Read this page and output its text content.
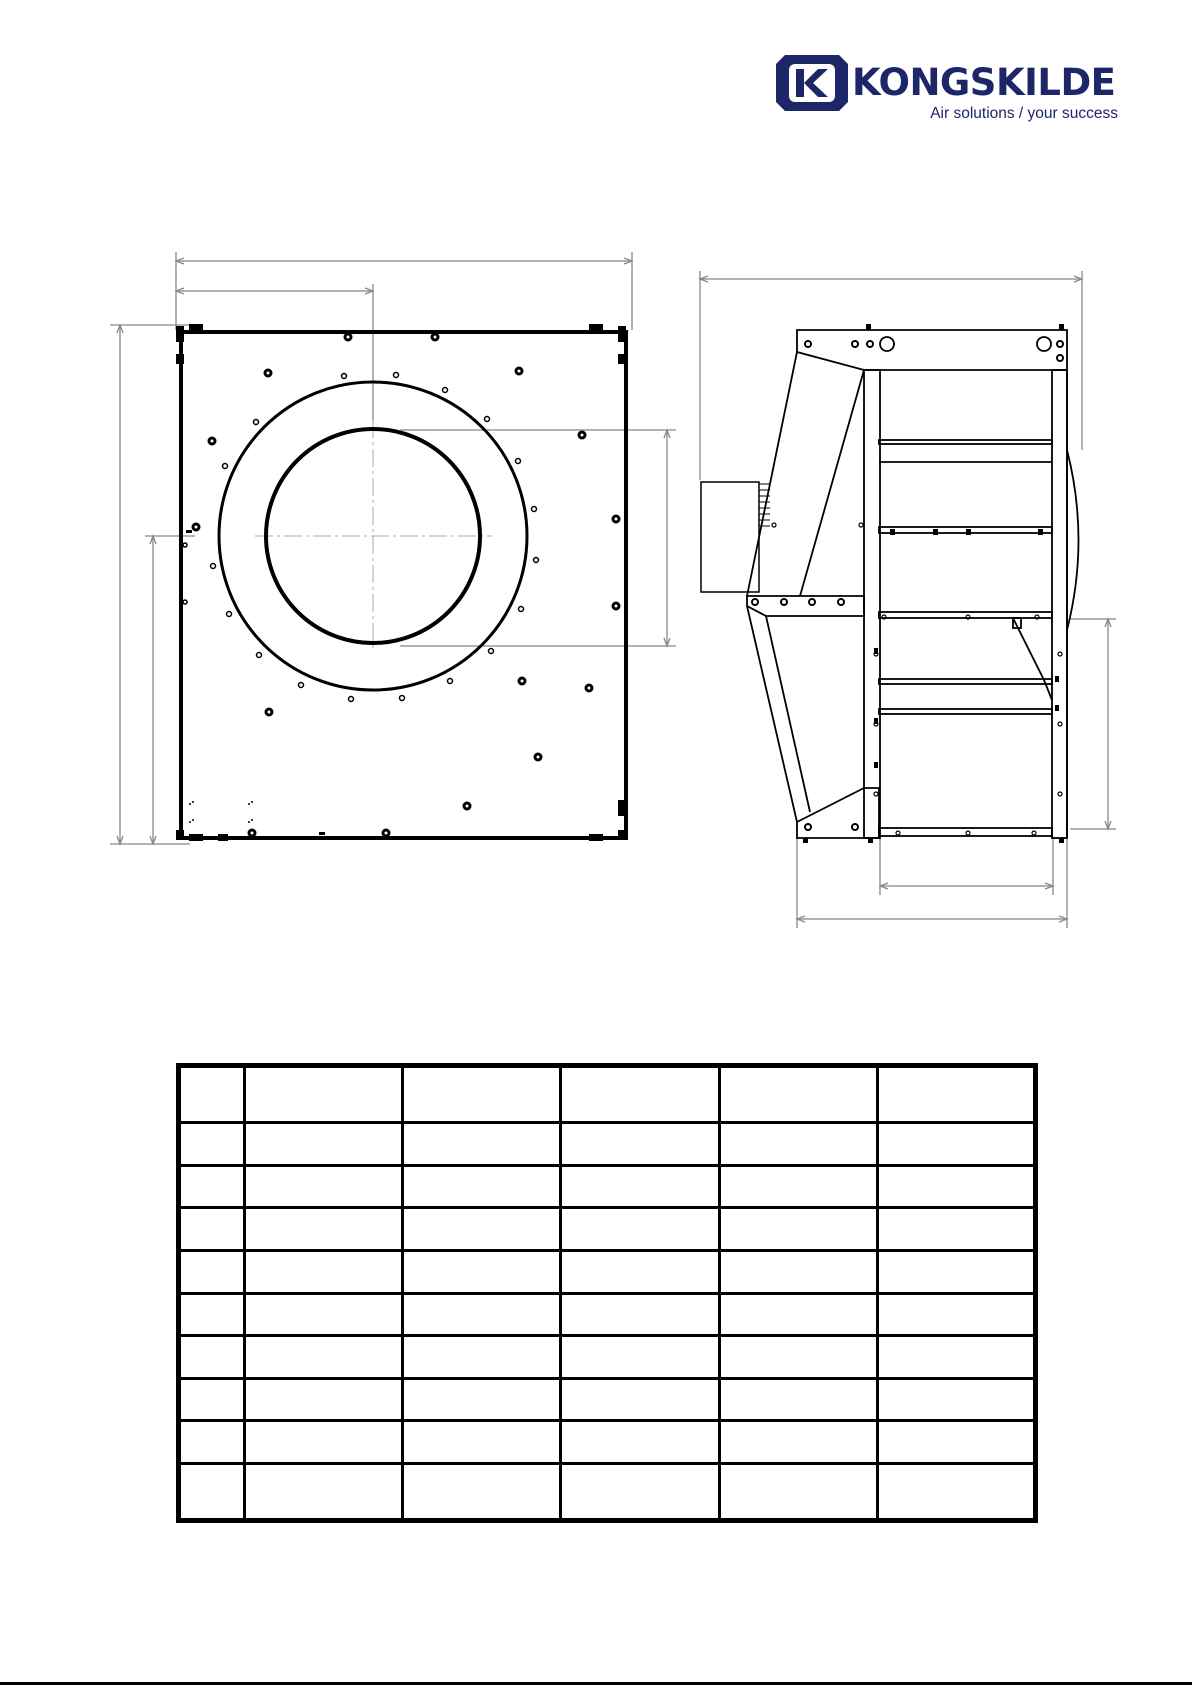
KONGSKILDE
Air solutions / your success
